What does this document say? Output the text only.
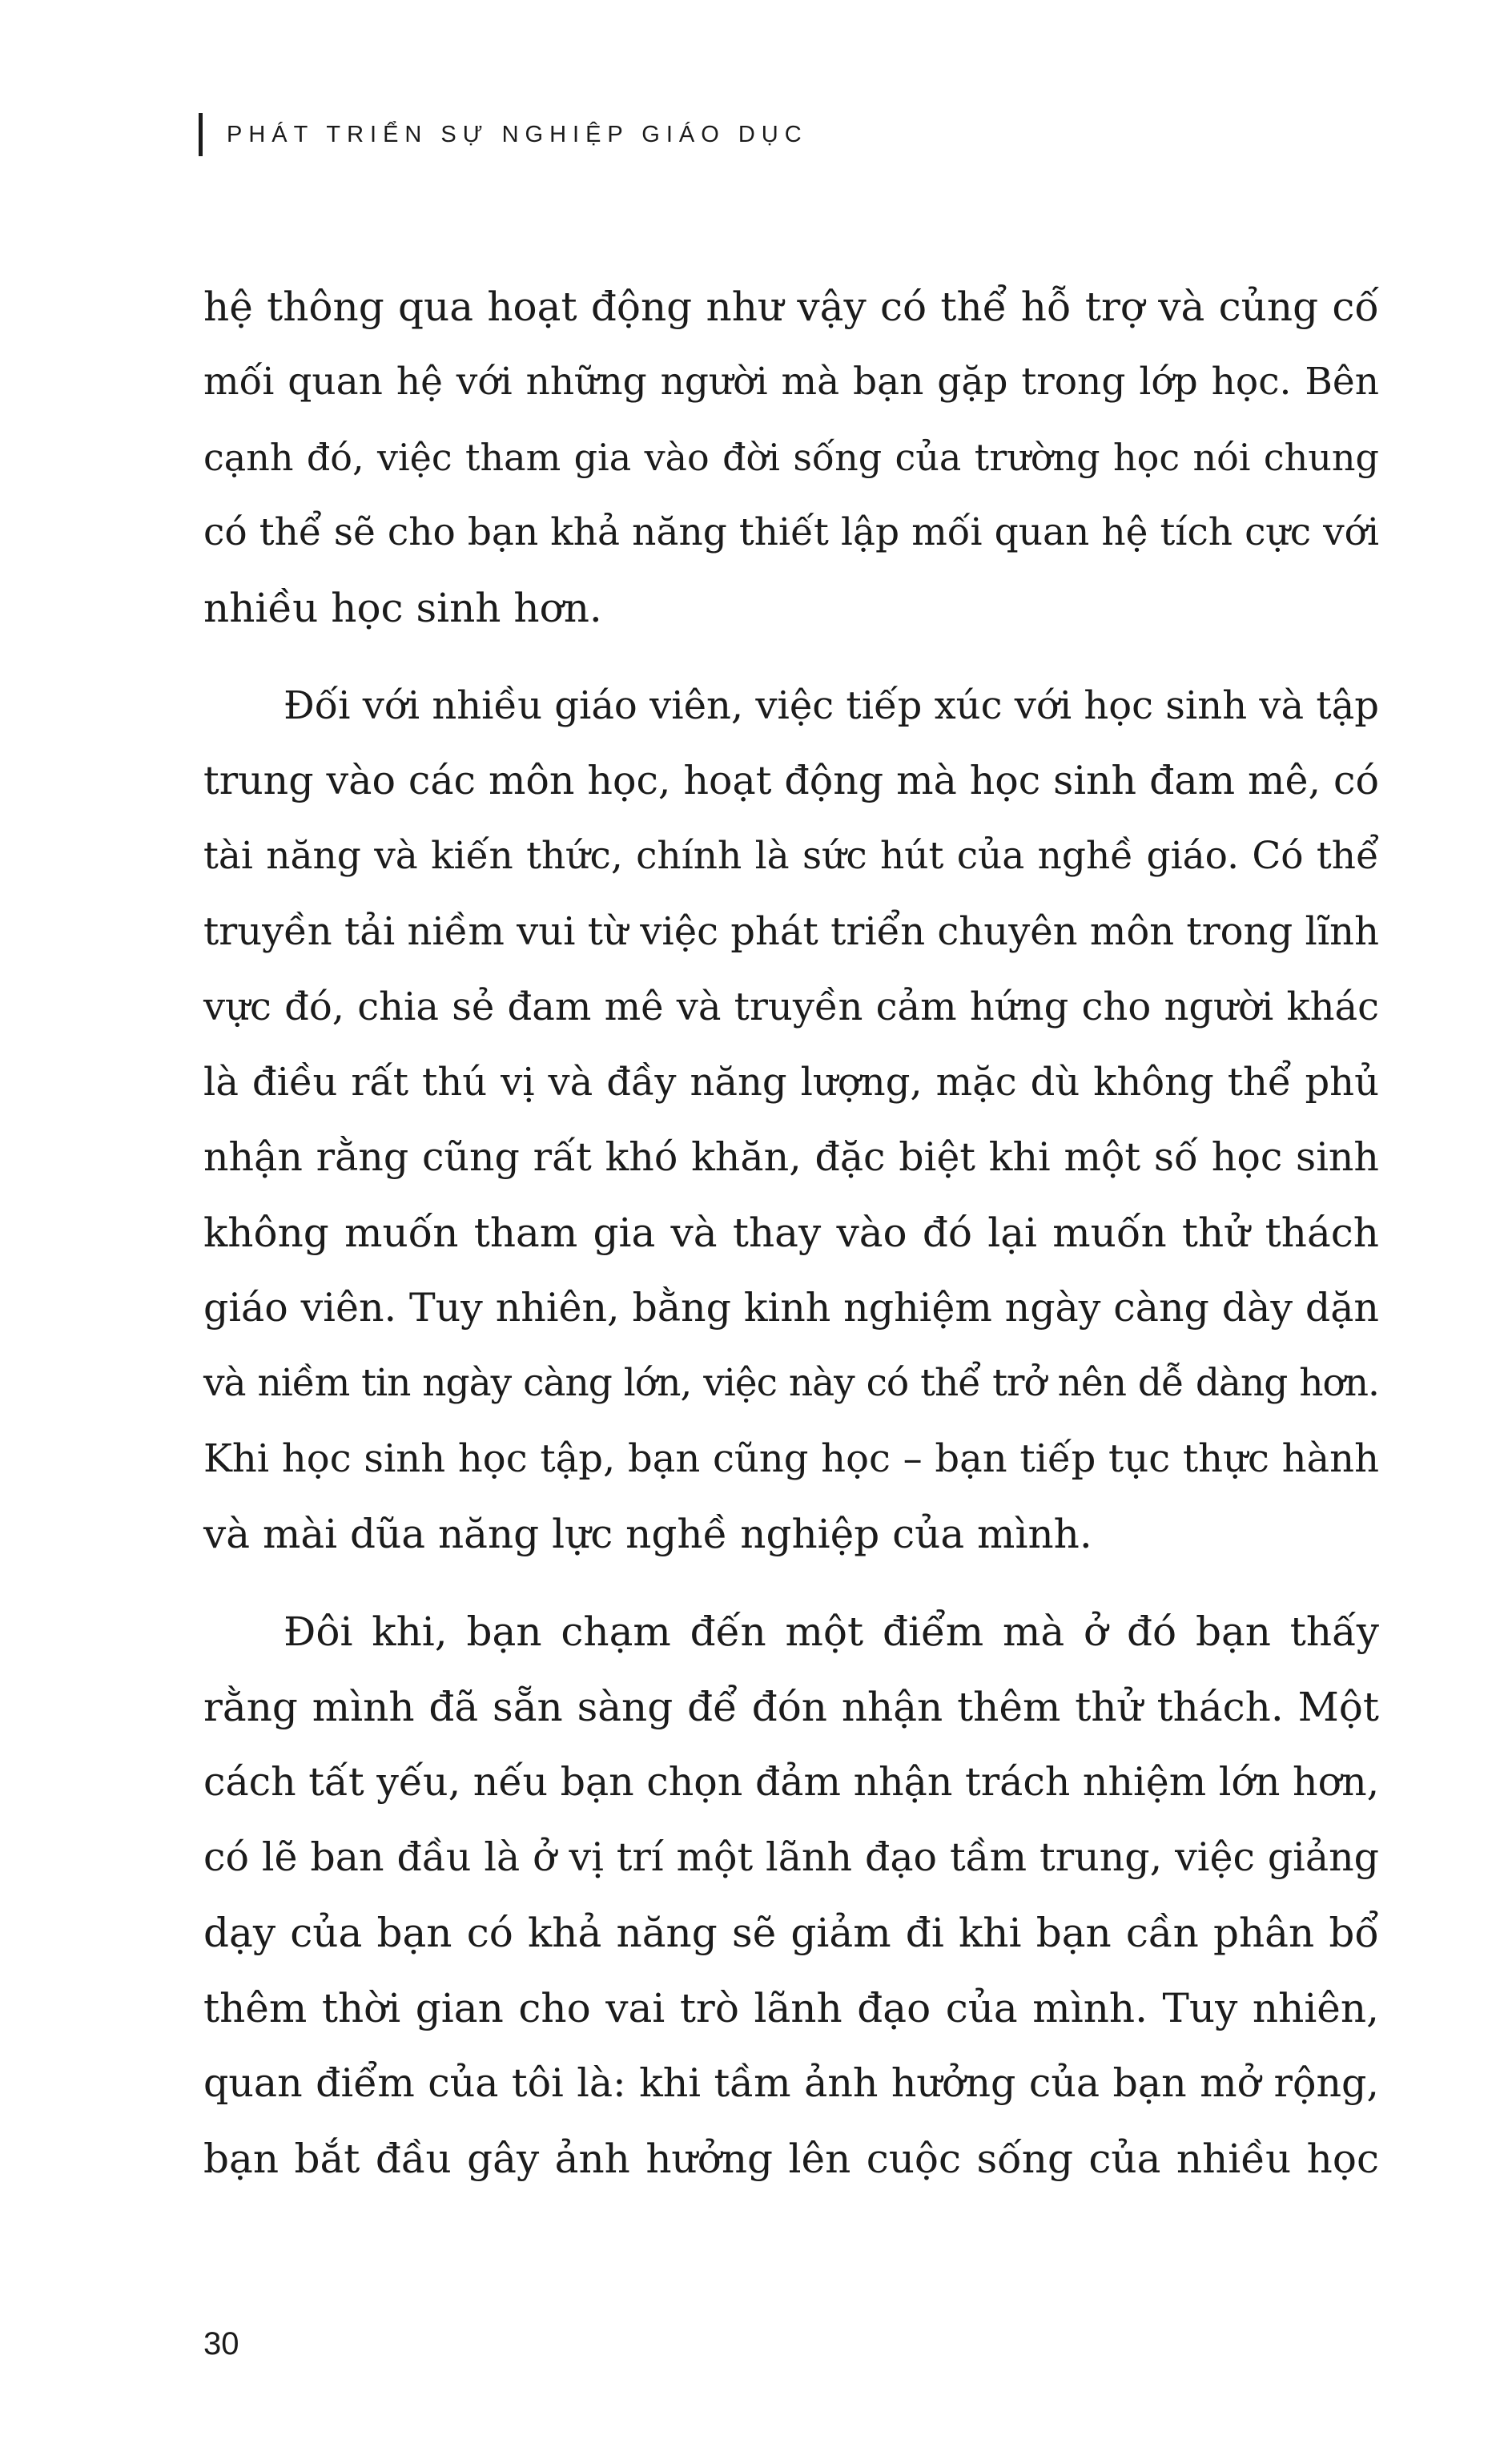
PHÁT TRIỂN SỰ NGHIỆP GIÁO DỤC
hệ thông qua hoạt động như vậy có thể hỗ trợ và củng cố
mối quan hệ với những người mà bạn gặp trong lớp học. Bên
cạnh đó, việc tham gia vào đời sống của trường học nói chung
có thể sẽ cho bạn khả năng thiết lập mối quan hệ tích cực với
nhiều học sinh hơn.
Đối với nhiều giáo viên, việc tiếp xúc với học sinh và tập
trung vào các môn học, hoạt động mà học sinh đam mê, có
tài năng và kiến thức, chính là sức hút của nghề giáo. Có thể
truyền tải niềm vui từ việc phát triển chuyên môn trong lĩnh
vực đó, chia sẻ đam mê và truyền cảm hứng cho người khác
là điều rất thú vị và đầy năng lượng, mặc dù không thể phủ
nhận rằng cũng rất khó khăn, đặc biệt khi một số học sinh
không muốn tham gia và thay vào đó lại muốn thử thách
giáo viên. Tuy nhiên, bằng kinh nghiệm ngày càng dày dặn
và niềm tin ngày càng lớn, việc này có thể trở nên dễ dàng hơn.
Khi học sinh học tập, bạn cũng học – bạn tiếp tục thực hành
và mài dũa năng lực nghề nghiệp của mình.
Đôi khi, bạn chạm đến một điểm mà ở đó bạn thấy
rằng mình đã sẵn sàng để đón nhận thêm thử thách. Một
cách tất yếu, nếu bạn chọn đảm nhận trách nhiệm lớn hơn,
có lẽ ban đầu là ở vị trí một lãnh đạo tầm trung, việc giảng
dạy của bạn có khả năng sẽ giảm đi khi bạn cần phân bổ
thêm thời gian cho vai trò lãnh đạo của mình. Tuy nhiên,
quan điểm của tôi là: khi tầm ảnh hưởng của bạn mở rộng,
bạn bắt đầu gây ảnh hưởng lên cuộc sống của nhiều học
30
